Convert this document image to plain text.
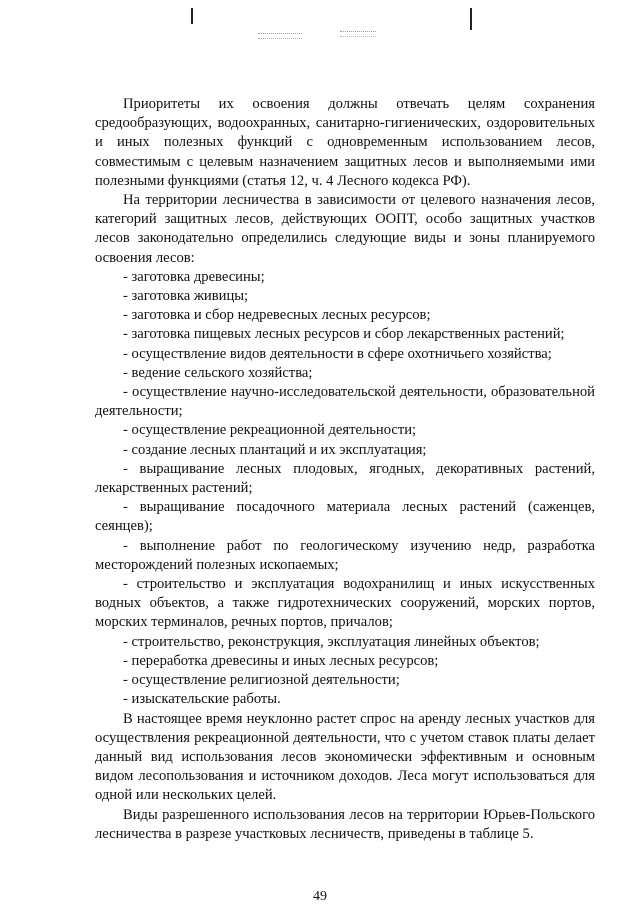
Приоритеты их освоения должны отвечать целям сохранения средообразующих, водоохранных, санитарно-гигиенических, оздоровительных и иных полезных функций с одновременным использованием лесов, совместимым с целевым назначением защитных лесов и выполняемыми ими полезными функциями (статья 12, ч. 4 Лесного кодекса РФ).

На территории лесничества в зависимости от целевого назначения лесов, категорий защитных лесов, действующих ООПТ, особо защитных участков лесов законодательно определились следующие виды и зоны планируемого освоения лесов:

- заготовка древесины;
- заготовка живицы;
- заготовка и сбор недревесных лесных ресурсов;
- заготовка пищевых лесных ресурсов и сбор лекарственных растений;
- осуществление видов деятельности в сфере охотничьего хозяйства;
- ведение сельского хозяйства;
- осуществление научно-исследовательской деятельности, образовательной деятельности;
- осуществление рекреационной деятельности;
- создание лесных плантаций и их эксплуатация;
- выращивание лесных плодовых, ягодных, декоративных растений, лекарственных растений;
- выращивание посадочного материала лесных растений (саженцев, сеянцев);
- выполнение работ по геологическому изучению недр, разработка месторождений полезных ископаемых;
- строительство и эксплуатация водохранилищ и иных искусственных водных объектов, а также гидротехнических сооружений, морских портов, морских терминалов, речных портов, причалов;
- строительство, реконструкция, эксплуатация линейных объектов;
- переработка древесины и иных лесных ресурсов;
- осуществление религиозной деятельности;
- изыскательские работы.

В настоящее время неуклонно растет спрос на аренду лесных участков для осуществления рекреационной деятельности, что с учетом ставок платы делает данный вид использования лесов экономически эффективным и основным видом лесопользования и источником доходов. Леса могут использоваться для одной или нескольких целей.

Виды разрешенного использования лесов на территории Юрьев-Польского лесничества в разрезе участковых лесничеств, приведены в таблице 5.

49
